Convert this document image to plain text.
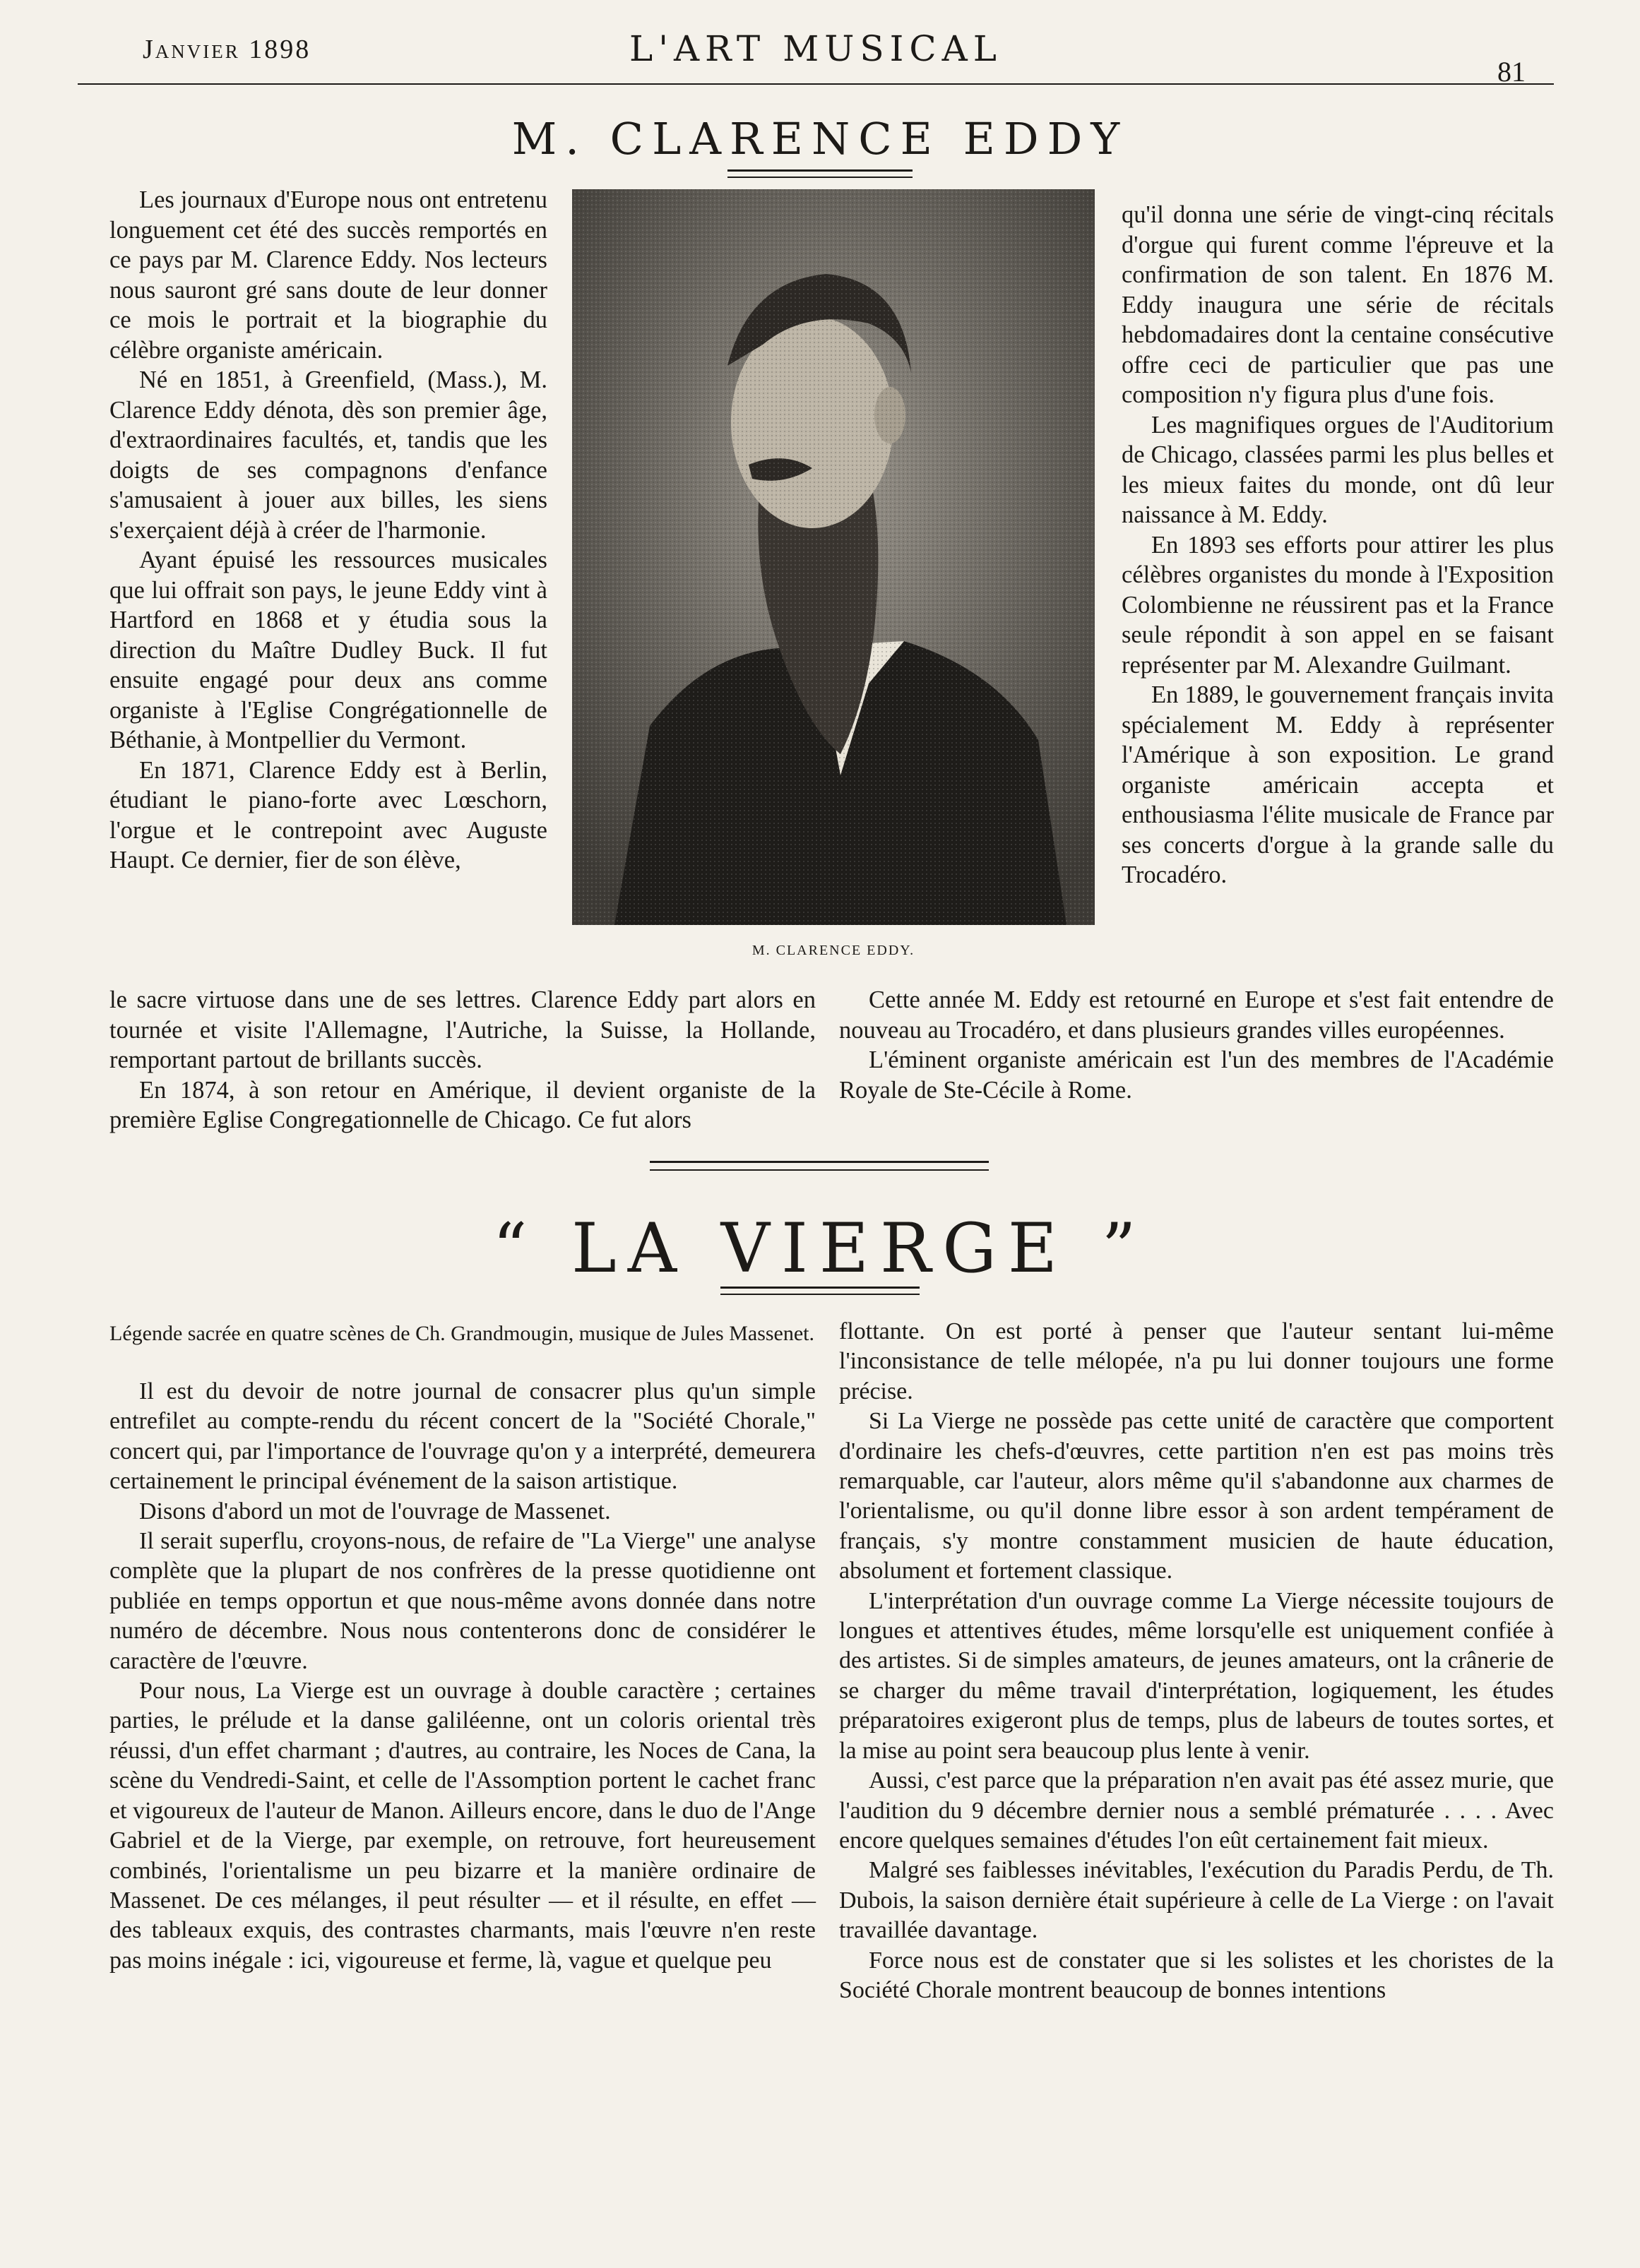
Janvier 1898	L'ART MUSICAL
81
M. CLARENCE EDDY

Les journaux d'Europe nous ont entretenu longuement cet été des succès remportés en ce pays par M. Clarence Eddy. Nos lecteurs nous sauront gré sans doute de leur donner ce mois le portrait et la biographie du célèbre organiste américain.

Né en 1851, à Greenfield, (Mass.), M. Clarence Eddy dénota, dès son premier âge, d'extraordinaires facultés, et, tandis que les doigts de ses compagnons d'enfance s'amusaient à jouer aux billes, les siens s'exerçaient déjà à créer de l'harmonie.

Ayant épuisé les ressources musicales que lui offrait son pays, le jeune Eddy vint à Hartford en 1868 et y étudia sous la direction du Maître Dudley Buck. Il fut ensuite engagé pour deux ans comme organiste à l'Eglise Congrégationnelle de Béthanie, à Montpellier du Vermont.

En 1871, Clarence Eddy est à Berlin, étudiant le piano-forte avec Lœschorn, l'orgue et le contrepoint avec Auguste Haupt. Ce dernier, fier de son élève,

M. CLARENCE EDDY.

qu'il donna une série de vingt-cinq récitals d'orgue qui furent comme l'épreuve et la confirmation de son talent. En 1876 M. Eddy inaugura une série de récitals hebdomadaires dont la centaine consécutive offre ceci de particulier que pas une composition n'y figura plus d'une fois.

Les magnifiques orgues de l'Auditorium de Chicago, classées parmi les plus belles et les mieux faites du monde, ont dû leur naissance à M. Eddy.

En 1893 ses efforts pour attirer les plus célèbres organistes du monde à l'Exposition Colombienne ne réussirent pas et la France seule répondit à son appel en se faisant représenter par M. Alexandre Guilmant.

En 1889, le gouvernement français invita spécialement M. Eddy à représenter l'Amérique à son exposition. Le grand organiste américain accepta et enthousiasma l'élite musicale de France par ses concerts d'orgue à la grande salle du Trocadéro.

le sacre virtuose dans une de ses lettres. Clarence Eddy part alors en tournée et visite l'Allemagne, l'Autriche, la Suisse, la Hollande, remportant partout de brillants succès.

En 1874, à son retour en Amérique, il devient organiste de la première Eglise Congregationnelle de Chicago. Ce fut alors

Cette année M. Eddy est retourné en Europe et s'est fait entendre de nouveau au Trocadéro, et dans plusieurs grandes villes européennes.

L'éminent organiste américain est l'un des membres de l'Académie Royale de Ste-Cécile à Rome.

“ LA VIERGE ”
Légende sacrée en quatre scènes de Ch. Grandmougin, musique de Jules Massenet.

Il est du devoir de notre journal de consacrer plus qu'un simple entrefilet au compte-rendu du récent concert de la "Société Chorale," concert qui, par l'importance de l'ouvrage qu'on y a interprété, demeurera certainement le principal événement de la saison artistique.

Disons d'abord un mot de l'ouvrage de Massenet.

Il serait superflu, croyons-nous, de refaire de "La Vierge" une analyse complète que la plupart de nos confrères de la presse quotidienne ont publiée en temps opportun et que nous-même avons donnée dans notre numéro de décembre. Nous nous contenterons donc de considérer le caractère de l'œuvre.

Pour nous, La Vierge est un ouvrage à double caractère ; certaines parties, le prélude et la danse galiléenne, ont un coloris oriental très réussi, d'un effet charmant ; d'autres, au contraire, les Noces de Cana, la scène du Vendredi-Saint, et celle de l'Assomption portent le cachet franc et vigoureux de l'auteur de Manon. Ailleurs encore, dans le duo de l'Ange Gabriel et de la Vierge, par exemple, on retrouve, fort heureusement combinés, l'orientalisme un peu bizarre et la manière ordinaire de Massenet. De ces mélanges, il peut résulter — et il résulte, en effet — des tableaux exquis, des contrastes charmants, mais l'œuvre n'en reste pas moins inégale : ici, vigoureuse et ferme, là, vague et quelque peu

flottante. On est porté à penser que l'auteur sentant lui-même l'inconsistance de telle mélopée, n'a pu lui donner toujours une forme précise.

Si La Vierge ne possède pas cette unité de caractère que comportent d'ordinaire les chefs-d'œuvres, cette partition n'en est pas moins très remarquable, car l'auteur, alors même qu'il s'abandonne aux charmes de l'orientalisme, ou qu'il donne libre essor à son ardent tempérament de français, s'y montre constamment musicien de haute éducation, absolument et fortement classique.

L'interprétation d'un ouvrage comme La Vierge nécessite toujours de longues et attentives études, même lorsqu'elle est uniquement confiée à des artistes. Si de simples amateurs, de jeunes amateurs, ont la crânerie de se charger du même travail d'interprétation, logiquement, les études préparatoires exigeront plus de temps, plus de labeurs de toutes sortes, et la mise au point sera beaucoup plus lente à venir.

Aussi, c'est parce que la préparation n'en avait pas été assez murie, que l'audition du 9 décembre dernier nous a semblé prématurée . . . . Avec encore quelques semaines d'études l'on eût certainement fait mieux.

Malgré ses faiblesses inévitables, l'exécution du Paradis Perdu, de Th. Dubois, la saison dernière était supérieure à celle de La Vierge : on l'avait travaillée davantage.

Force nous est de constater que si les solistes et les choristes de la Société Chorale montrent beaucoup de bonnes intentions
